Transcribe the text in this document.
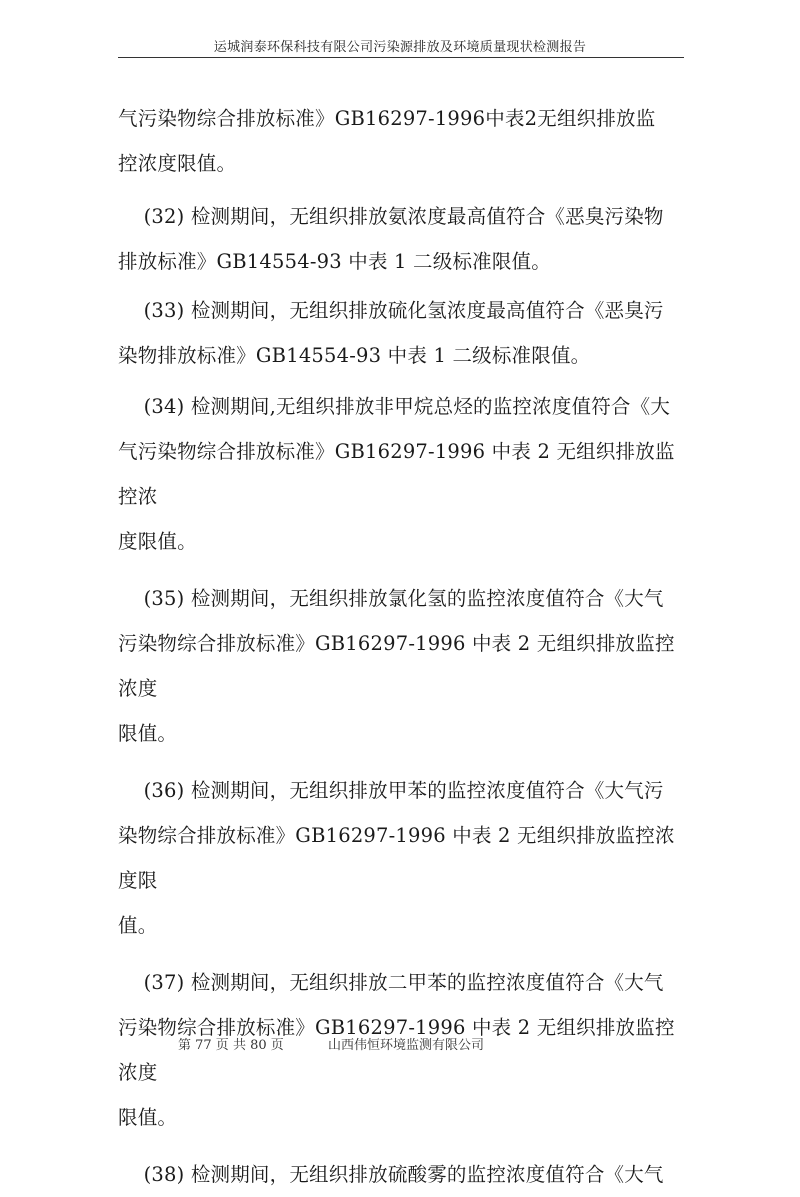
运城润泰环保科技有限公司污染源排放及环境质量现状检测报告

气污染物综合排放标准》GB16297-1996中表2无组织排放监
控浓度限值。

(32) 检测期间，无组织排放氨浓度最高值符合《恶臭污染物
排放标准》GB14554-93 中表 1 二级标准限值。

(33) 检测期间，无组织排放硫化氢浓度最高值符合《恶臭污
染物排放标准》GB14554-93 中表 1 二级标准限值。

(34) 检测期间,无组织排放非甲烷总烃的监控浓度值符合《大
气污染物综合排放标准》GB16297-1996 中表 2 无组织排放监控浓
度限值。

(35) 检测期间，无组织排放氯化氢的监控浓度值符合《大气
污染物综合排放标准》GB16297-1996 中表 2 无组织排放监控浓度
限值。

(36) 检测期间，无组织排放甲苯的监控浓度值符合《大气污
染物综合排放标准》GB16297-1996 中表 2 无组织排放监控浓度限
值。

(37) 检测期间，无组织排放二甲苯的监控浓度值符合《大气
污染物综合排放标准》GB16297-1996 中表 2 无组织排放监控浓度
限值。

(38) 检测期间，无组织排放硫酸雾的监控浓度值符合《大气

第 77 页 共 80 页	山西伟恒环境监测有限公司
